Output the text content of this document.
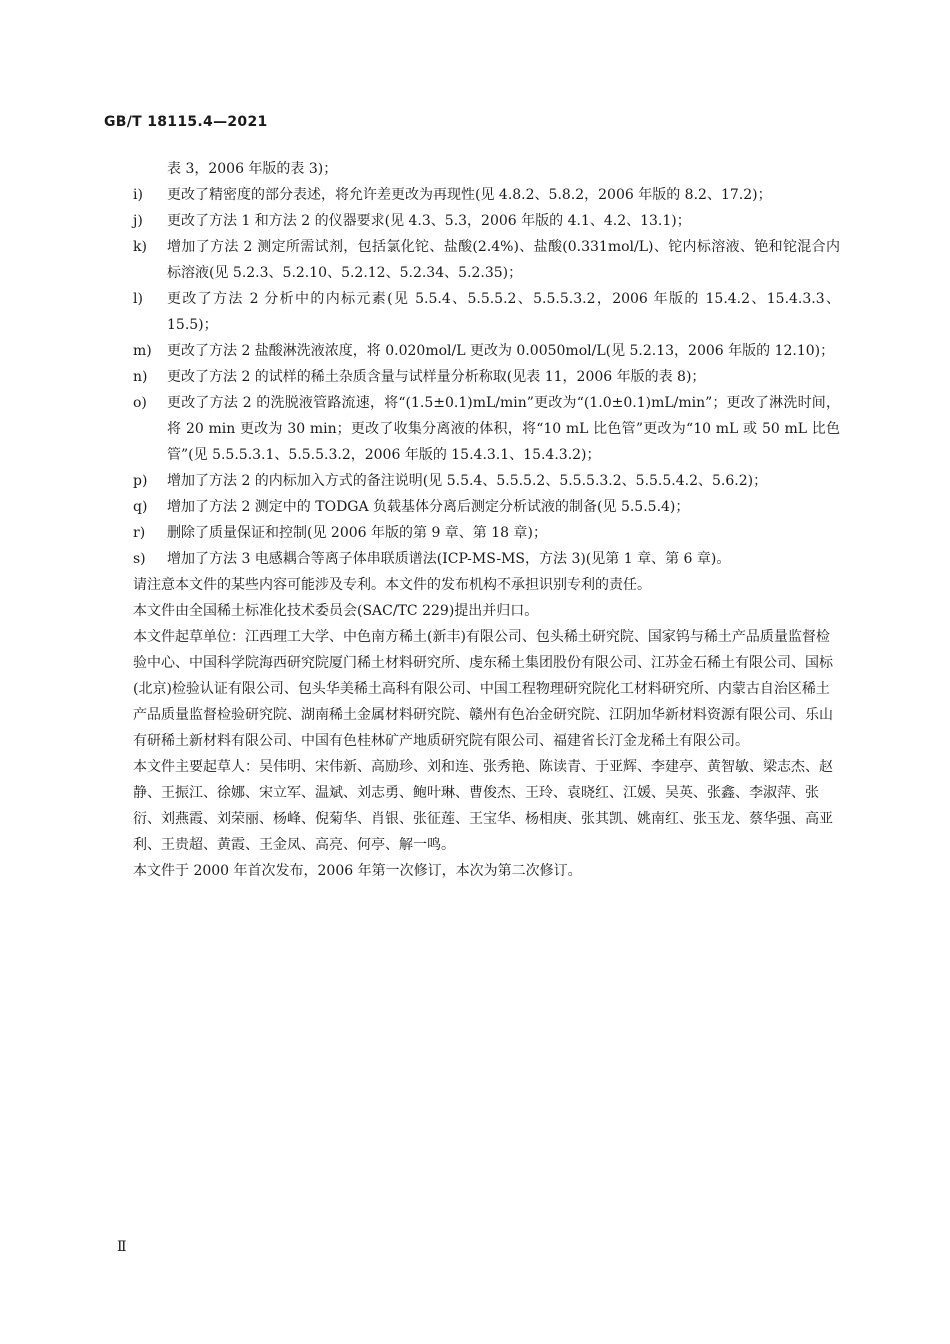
GB/T 18115.4—2021
表 3，2006 年版的表 3)；
i) 更改了精密度的部分表述，将允许差更改为再现性(见 4.8.2、5.8.2，2006 年版的 8.2、17.2)；
j) 更改了方法 1 和方法 2 的仪器要求(见 4.3、5.3，2006 年版的 4.1、4.2、13.1)；
k) 增加了方法 2 测定所需试剂，包括氯化铊、盐酸(2.4%)、盐酸(0.331mol/L)、铊内标溶液、铯和铊混合内标溶液(见 5.2.3、5.2.10、5.2.12、5.2.34、5.2.35)；
l) 更改了方法 2 分析中的内标元素(见 5.5.4、5.5.5.2、5.5.5.3.2，2006 年版的 15.4.2、15.4.3.3、15.5)；
m) 更改了方法 2 盐酸淋洗液浓度，将 0.020mol/L 更改为 0.0050mol/L(见 5.2.13，2006 年版的 12.10)；
n) 更改了方法 2 的试样的稀土杂质含量与试样量分析称取(见表 11，2006 年版的表 8)；
o) 更改了方法 2 的洗脱液管路流速，将“(1.5±0.1)mL/min”更改为“(1.0±0.1)mL/min”；更改了淋洗时间，将 20 min 更改为 30 min；更改了收集分离液的体积，将“10 mL 比色管”更改为“10 mL 或 50 mL 比色管”(见 5.5.5.3.1、5.5.5.3.2，2006 年版的 15.4.3.1、15.4.3.2)；
p) 增加了方法 2 的内标加入方式的备注说明(见 5.5.4、5.5.5.2、5.5.5.3.2、5.5.5.4.2、5.6.2)；
q) 增加了方法 2 测定中的 TODGA 负载基体分离后测定分析试液的制备(见 5.5.5.4)；
r) 删除了质量保证和控制(见 2006 年版的第 9 章、第 18 章)；
s) 增加了方法 3 电感耦合等离子体串联质谱法(ICP-MS-MS，方法 3)(见第 1 章、第 6 章)。
请注意本文件的某些内容可能涉及专利。本文件的发布机构不承担识别专利的责任。
本文件由全国稀土标准化技术委员会(SAC/TC 229)提出并归口。
本文件起草单位：江西理工大学、中色南方稀土(新丰)有限公司、包头稀土研究院、国家钨与稀土产品质量监督检验中心、中国科学院海西研究院厦门稀土材料研究所、虔东稀土集团股份有限公司、江苏金石稀土有限公司、国标(北京)检验认证有限公司、包头华美稀土高科有限公司、中国工程物理研究院化工材料研究所、内蒙古自治区稀土产品质量监督检验研究院、湖南稀土金属材料研究院、赣州有色冶金研究院、江阴加华新材料资源有限公司、乐山有研稀土新材料有限公司、中国有色桂林矿产地质研究院有限公司、福建省长汀金龙稀土有限公司。
本文件主要起草人：吴伟明、宋伟新、高励珍、刘和连、张秀艳、陈读青、于亚辉、李建亭、黄智敏、梁志杰、赵静、王振江、徐娜、宋立军、温斌、刘志勇、鲍叶琳、曹俊杰、王玲、袁晓红、江媛、吴英、张鑫、李淑萍、张衍、刘燕霞、刘荣丽、杨峰、倪菊华、肖银、张征莲、王宝华、杨相庚、张其凯、姚南红、张玉龙、蔡华强、高亚利、王贵超、黄霞、王金凤、高亮、何亭、解一鸣。
本文件于 2000 年首次发布，2006 年第一次修订，本次为第二次修订。
Ⅱ
